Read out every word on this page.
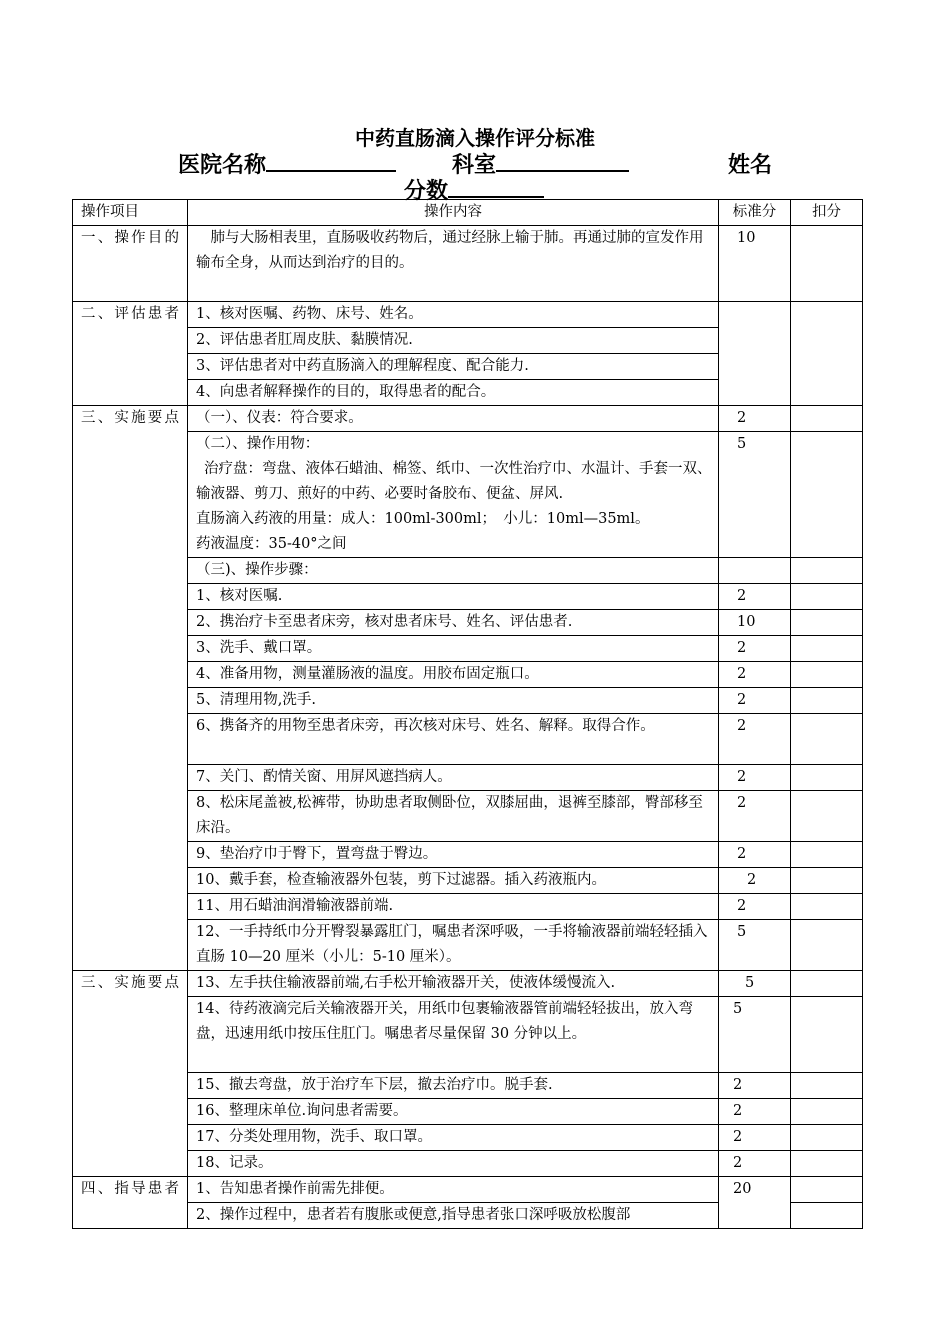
中药直肠滴入操作评分标准
医院名称	科室	姓名
分数
操作项目	操作内容	标准分	扣分
一、操作目的	　肺与大肠相表里，直肠吸收药物后，通过经脉上输于肺。再通过肺的宣发作用输布全身，从而达到治疗的目的。	10	
二、评估患者	1、核对医嘱、药物、床号、姓名。		
	2、评估患者肛周皮肤、黏膜情况.		
	3、评估患者对中药直肠滴入的理解程度、配合能力.		
	4、向患者解释操作的目的，取得患者的配合。		
三、实施要点	（一）、仪表：符合要求。	2	

	（二）、操作用物：
治疗盘：弯盘、液体石蜡油、棉签、纸巾、一次性治疗巾、水温计、手套一双、输液器、剪刀、煎好的中药、必要时备胶布、便盆、屏风.
直肠滴入药液的用量：成人：100ml-300ml；　小儿：10ml—35ml。
药液温度：35-40°之间	5	
	（三)、操作步骤：		
	1、核对医嘱.	2	
	2、携治疗卡至患者床旁，核对患者床号、姓名、评估患者.	10	
	3、洗手、戴口罩。	2	
	4、准备用物，测量灌肠液的温度。用胶布固定瓶口。	2	
	5、清理用物,洗手.	2	
	6、携备齐的用物至患者床旁，再次核对床号、姓名、解释。取得合作。	2	
	7、关门、酌情关窗、用屏风遮挡病人。	2	
	8、松床尾盖被,松裤带，协助患者取侧卧位，双膝屈曲，退裤至膝部，臀部移至床沿。	2	
	9、垫治疗巾于臀下，置弯盘于臀边。	2	
	10、戴手套，检查输液器外包装，剪下过滤器。插入药液瓶内。	2	
	11、用石蜡油润滑输液器前端.	2	
	12、一手持纸巾分开臀裂暴露肛门，嘱患者深呼吸，一手将输液器前端轻轻插入直肠 10—20 厘米（小儿：5-10 厘米）。	5	
三、实施要点	13、左手扶住输液器前端,右手松开输液器开关，使液体缓慢流入.	5	
	14、待药液滴完后关输液器开关，用纸巾包裹输液器管前端轻轻拔出，放入弯盘，迅速用纸巾按压住肛门。嘱患者尽量保留 30 分钟以上。	5	
	15、撤去弯盘，放于治疗车下层，撤去治疗巾。脱手套.	2	
	16、整理床单位.询问患者需要。	2	
	17、分类处理用物，洗手、取口罩。	2	
	18、记录。	2	
四、指导患者	1、告知患者操作前需先排便。	20	
	2、操作过程中，患者若有腹胀或便意,指导患者张口深呼吸放松腹部		
